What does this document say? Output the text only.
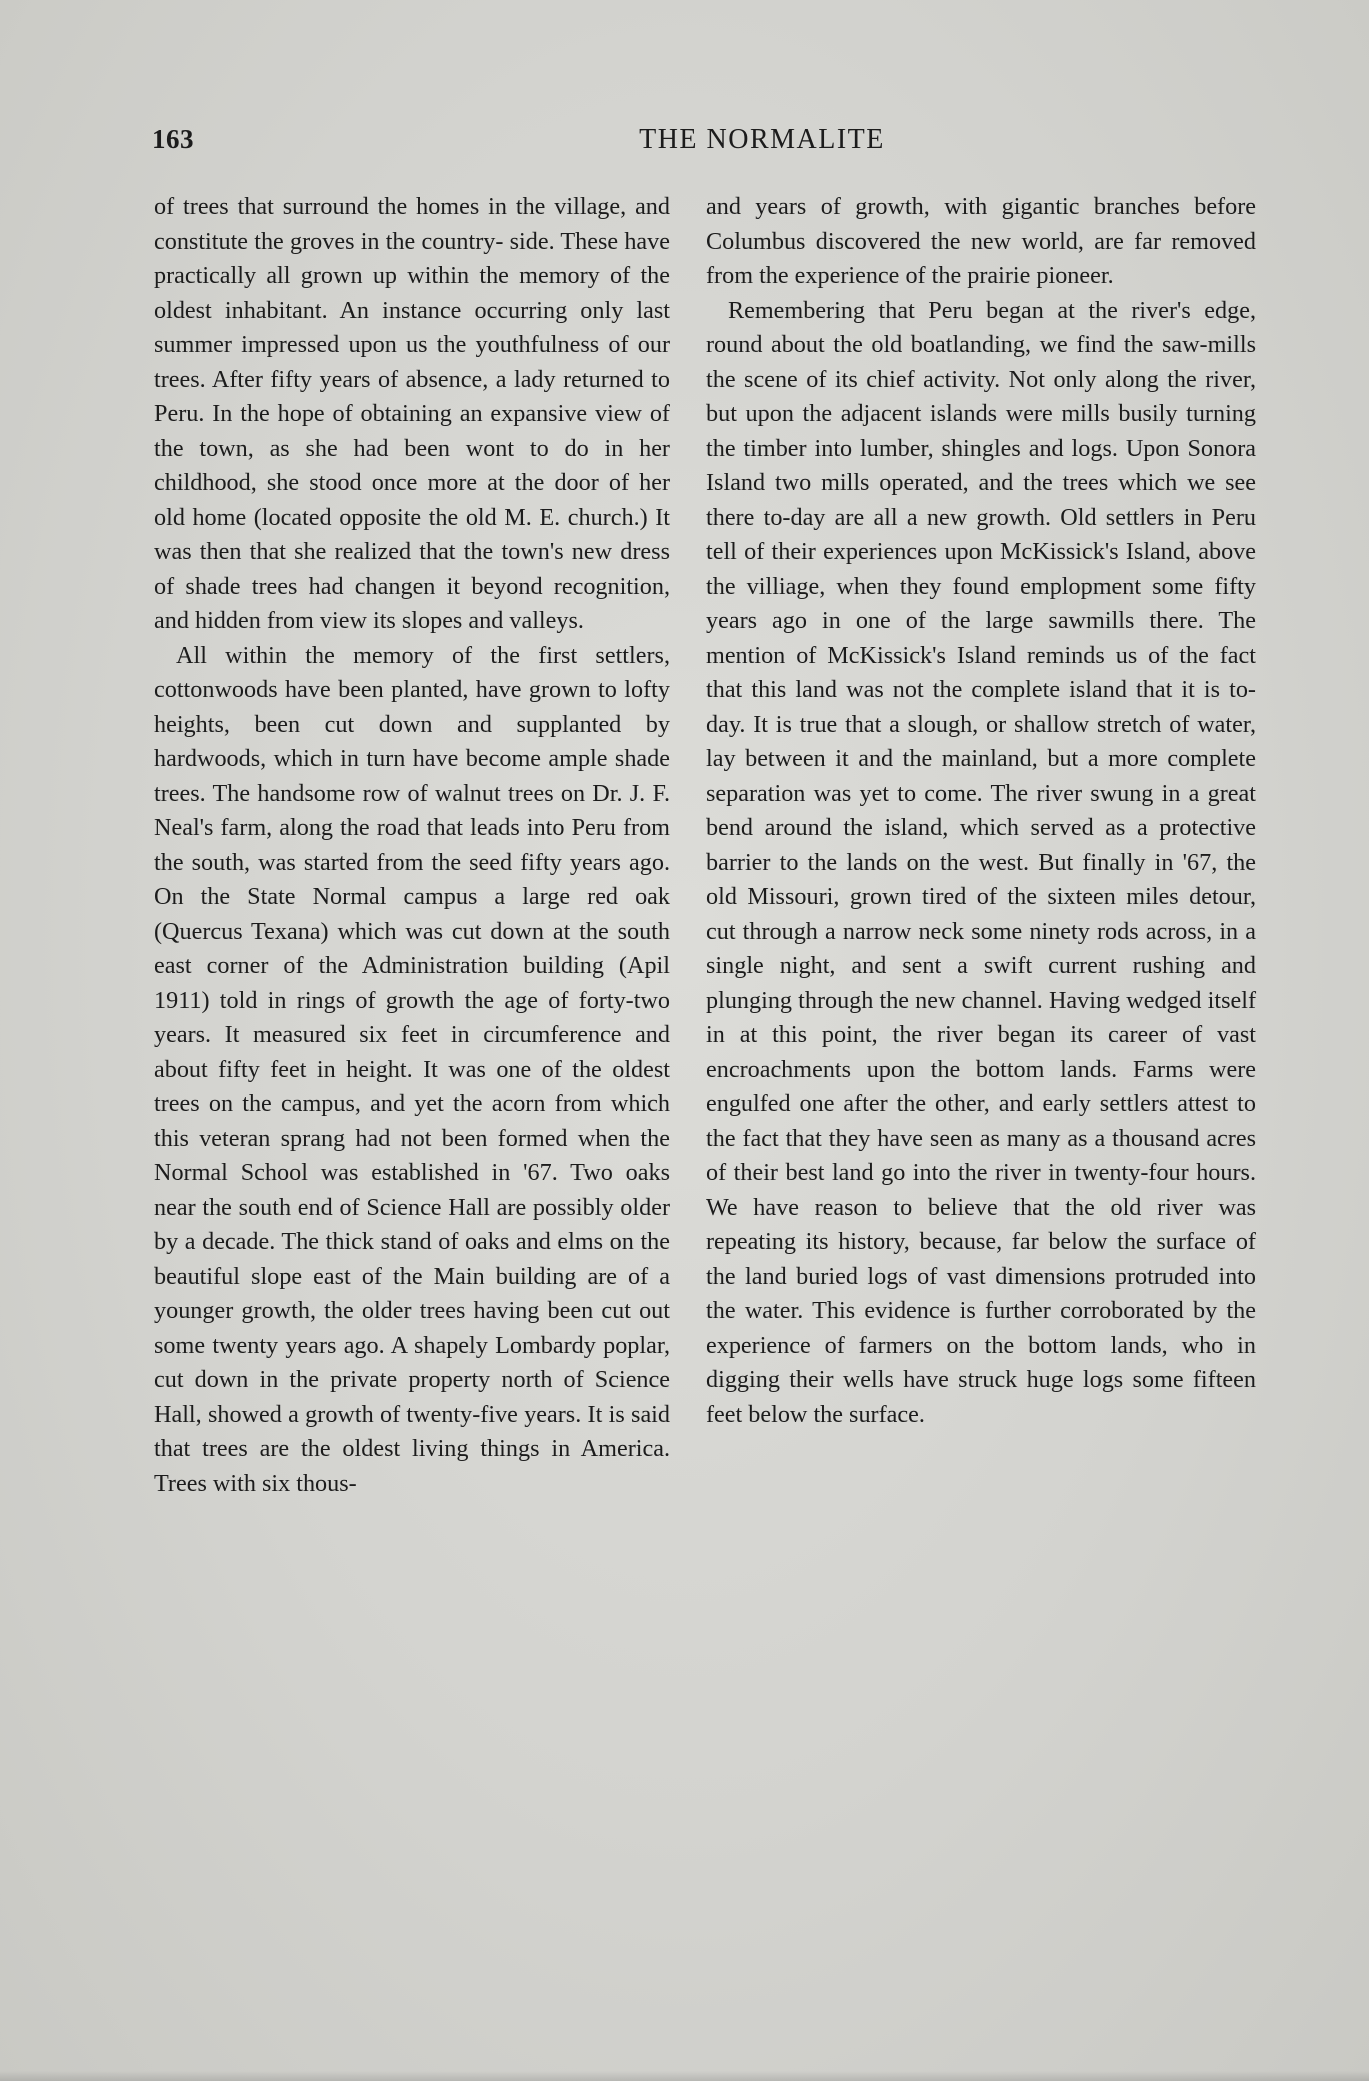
163	THE NORMALITE

of trees that surround the homes in the village, and constitute the groves in the country- side. These have practically all grown up within the memory of the oldest inhabitant. An instance occurring only last summer impressed upon us the youthfulness of our trees. After fifty years of absence, a lady returned to Peru. In the hope of obtaining an expansive view of the town, as she had been wont to do in her childhood, she stood once more at the door of her old home (located opposite the old M. E. church.) It was then that she realized that the town's new dress of shade trees had changen it beyond recognition, and hidden from view its slopes and valleys.

All within the memory of the first settlers, cottonwoods have been planted, have grown to lofty heights, been cut down and supplanted by hardwoods, which in turn have become ample shade trees. The handsome row of walnut trees on Dr. J. F. Neal's farm, along the road that leads into Peru from the south, was started from the seed fifty years ago. On the State Normal campus a large red oak (Quercus Texana) which was cut down at the south east corner of the Administration building (Apil 1911) told in rings of growth the age of forty-two years. It measured six feet in circumference and about fifty feet in height. It was one of the oldest trees on the campus, and yet the acorn from which this veteran sprang had not been formed when the Normal School was established in '67. Two oaks near the south end of Science Hall are possibly older by a decade. The thick stand of oaks and elms on the beautiful slope east of the Main building are of a younger growth, the older trees having been cut out some twenty years ago. A shapely Lombardy poplar, cut down in the private property north of Science Hall, showed a growth of twenty-five years. It is said that trees are the oldest living things in America. Trees with six thous-

and years of growth, with gigantic branches before Columbus discovered the new world, are far removed from the experience of the prairie pioneer.

Remembering that Peru began at the river's edge, round about the old boatlanding, we find the saw-mills the scene of its chief activity. Not only along the river, but upon the adjacent islands were mills busily turning the timber into lumber, shingles and logs. Upon Sonora Island two mills operated, and the trees which we see there to-day are all a new growth. Old settlers in Peru tell of their experiences upon McKissick's Island, above the villiage, when they found emplopment some fifty years ago in one of the large sawmills there. The mention of McKissick's Island reminds us of the fact that this land was not the complete island that it is to-day. It is true that a slough, or shallow stretch of water, lay between it and the mainland, but a more complete separation was yet to come. The river swung in a great bend around the island, which served as a protective barrier to the lands on the west. But finally in '67, the old Missouri, grown tired of the sixteen miles detour, cut through a narrow neck some ninety rods across, in a single night, and sent a swift current rushing and plunging through the new channel. Having wedged itself in at this point, the river began its career of vast encroachments upon the bottom lands. Farms were engulfed one after the other, and early settlers attest to the fact that they have seen as many as a thousand acres of their best land go into the river in twenty-four hours. We have reason to believe that the old river was repeating its history, because, far below the surface of the land buried logs of vast dimensions protruded into the water. This evidence is further corroborated by the experience of farmers on the bottom lands, who in digging their wells have struck huge logs some fifteen feet below the surface.
